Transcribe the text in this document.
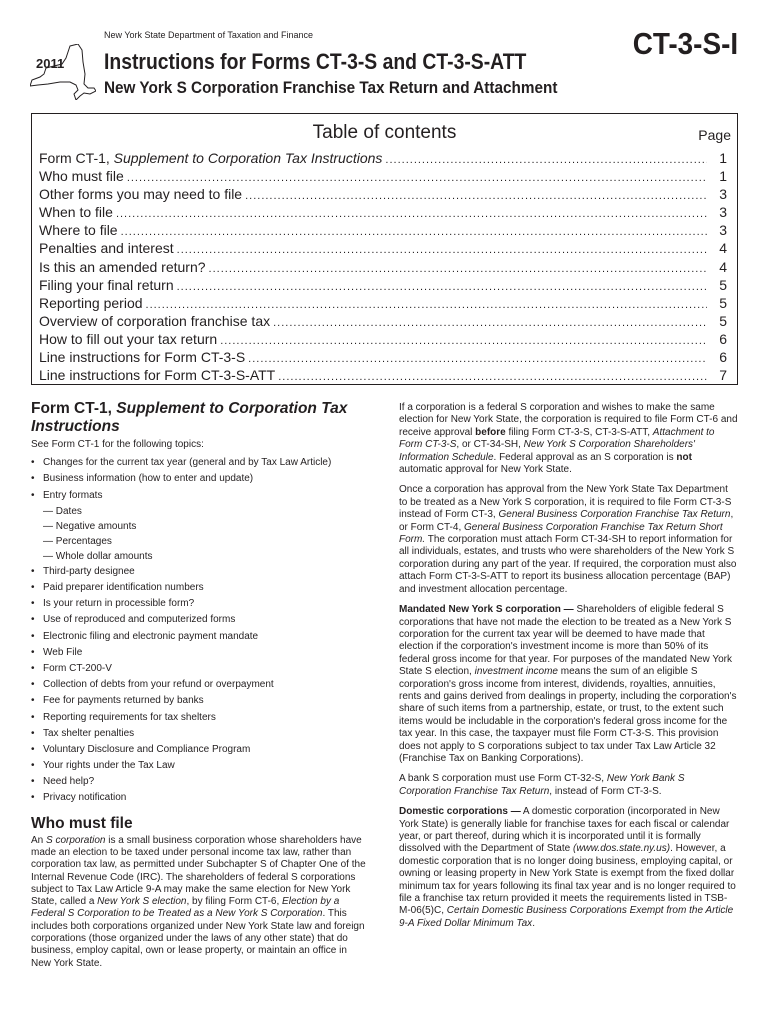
New York State Department of Taxation and Finance
2011
CT-3-S-I
Instructions for Forms CT-3-S and CT-3-S-ATT
New York S Corporation Franchise Tax Return and Attachment
Table of contents	Page
Form CT-1, Supplement to Corporation Tax Instructions .....	1
Who must file .....	1
Other forms you may need to file .....	3
When to file .....	3
Where to file .....	3
Penalties and interest .....	4
Is this an amended return? .....	4
Filing your final return .....	5
Reporting period .....	5
Overview of corporation franchise tax .....	5
How to fill out your tax return .....	6
Line instructions for Form CT-3-S .....	6
Line instructions for Form CT-3-S-ATT .....	7
Form CT-1, Supplement to Corporation Tax Instructions

See Form CT-1 for the following topics:

• Changes for the current tax year (general and by Tax Law Article)
• Business information (how to enter and update)
• Entry formats
— Dates
— Negative amounts
— Percentages
— Whole dollar amounts
• Third-party designee
• Paid preparer identification numbers
• Is your return in processible form?
• Use of reproduced and computerized forms
• Electronic filing and electronic payment mandate
• Web File
• Form CT-200-V
• Collection of debts from your refund or overpayment
• Fee for payments returned by banks
• Reporting requirements for tax shelters
• Tax shelter penalties
• Voluntary Disclosure and Compliance Program
• Your rights under the Tax Law
• Need help?
• Privacy notification
Who must file

An S corporation is a small business corporation whose shareholders have made an election to be taxed under personal income tax law, rather than corporation tax law, as permitted under Subchapter S of Chapter One of the Internal Revenue Code (IRC). The shareholders of federal S corporations subject to Tax Law Article 9-A may make the same election for New York State, called a New York S election, by filing Form CT-6, Election by a Federal S Corporation to be Treated as a New York S Corporation. This includes both corporations organized under New York State law and foreign corporations (those organized under the laws of any other state) that do business, employ capital, own or lease property, or maintain an office in New York State.

If a corporation is a federal S corporation and wishes to make the same election for New York State, the corporation is required to file Form CT-6 and receive approval before filing Form CT-3-S, CT-3-S-ATT, Attachment to Form CT-3-S, or CT-34-SH, New York S Corporation Shareholders' Information Schedule. Federal approval as an S corporation is not automatic approval for New York State.

Once a corporation has approval from the New York State Tax Department to be treated as a New York S corporation, it is required to file Form CT-3-S instead of Form CT-3, General Business Corporation Franchise Tax Return, or Form CT-4, General Business Corporation Franchise Tax Return Short Form. The corporation must attach Form CT-34-SH to report information for all individuals, estates, and trusts who were shareholders of the New York S corporation during any part of the year. If required, the corporation must also attach Form CT-3-S-ATT to report its business allocation percentage (BAP) and investment allocation percentage.

Mandated New York S corporation — Shareholders of eligible federal S corporations that have not made the election to be treated as a New York S corporation for the current tax year will be deemed to have made that election if the corporation's investment income is more than 50% of its federal gross income for that year. For purposes of the mandated New York State S election, investment income means the sum of an eligible S corporation's gross income from interest, dividends, royalties, annuities, rents and gains derived from dealings in property, including the corporation's share of such items from a partnership, estate, or trust, to the extent such items would be includable in the corporation's federal gross income for the tax year. In this case, the taxpayer must file Form CT-3-S. This provision does not apply to S corporations subject to tax under Tax Law Article 32 (Franchise Tax on Banking Corporations).

A bank S corporation must use Form CT-32-S, New York Bank S Corporation Franchise Tax Return, instead of Form CT-3-S.

Domestic corporations — A domestic corporation (incorporated in New York State) is generally liable for franchise taxes for each fiscal or calendar year, or part thereof, during which it is incorporated until it is formally dissolved with the Department of State (www.dos.state.ny.us). However, a domestic corporation that is no longer doing business, employing capital, or owning or leasing property in New York State is exempt from the fixed dollar minimum tax for years following its final tax year and is no longer required to file a franchise tax return provided it meets the requirements listed in TSB-M-06(5)C, Certain Domestic Business Corporations Exempt from the Article 9-A Fixed Dollar Minimum Tax.
